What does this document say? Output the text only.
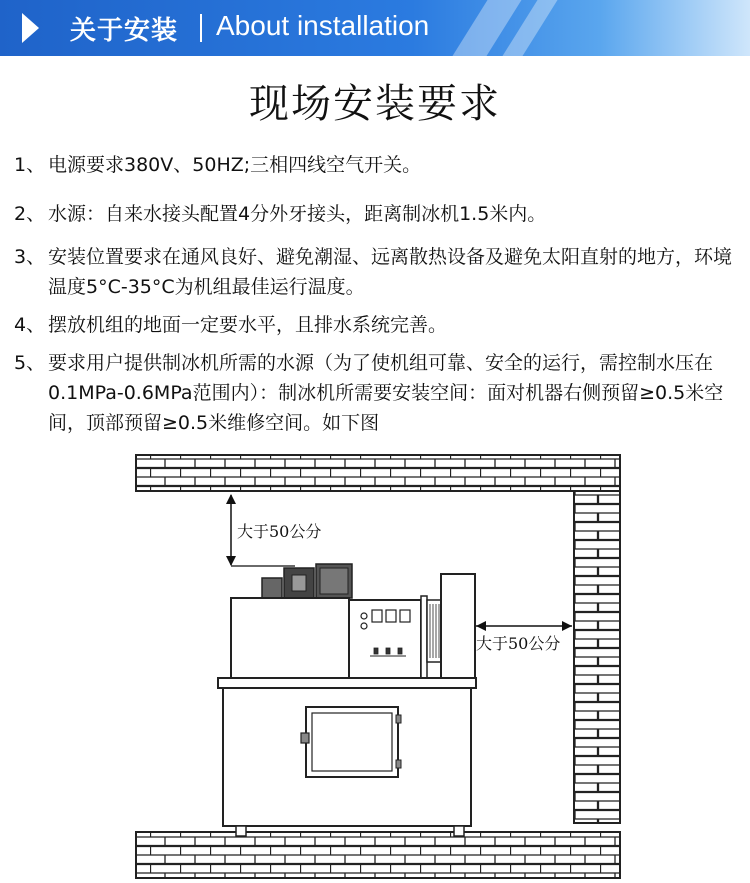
关于安装 About installation
现场安装要求
1、 电源要求380V、50HZ;三相四线空气开关。
2、 水源：自来水接头配置4分外牙接头，距离制冰机1.5米内。
3、 安装位置要求在通风良好、避免潮湿、远离散热设备及避免太阳直射的地方，环境温度5°C-35°C为机组最佳运行温度。
4、 摆放机组的地面一定要水平，且排水系统完善。
5、 要求用户提供制冰机所需的水源（为了使机组可靠、安全的运行，需控制水压在0.1MPa-0.6MPa范围内）：制冰机所需要安装空间：面对机器右侧预留≥0.5米空间，顶部预留≥0.5米维修空间。如下图
大于50公分
大于50公分
